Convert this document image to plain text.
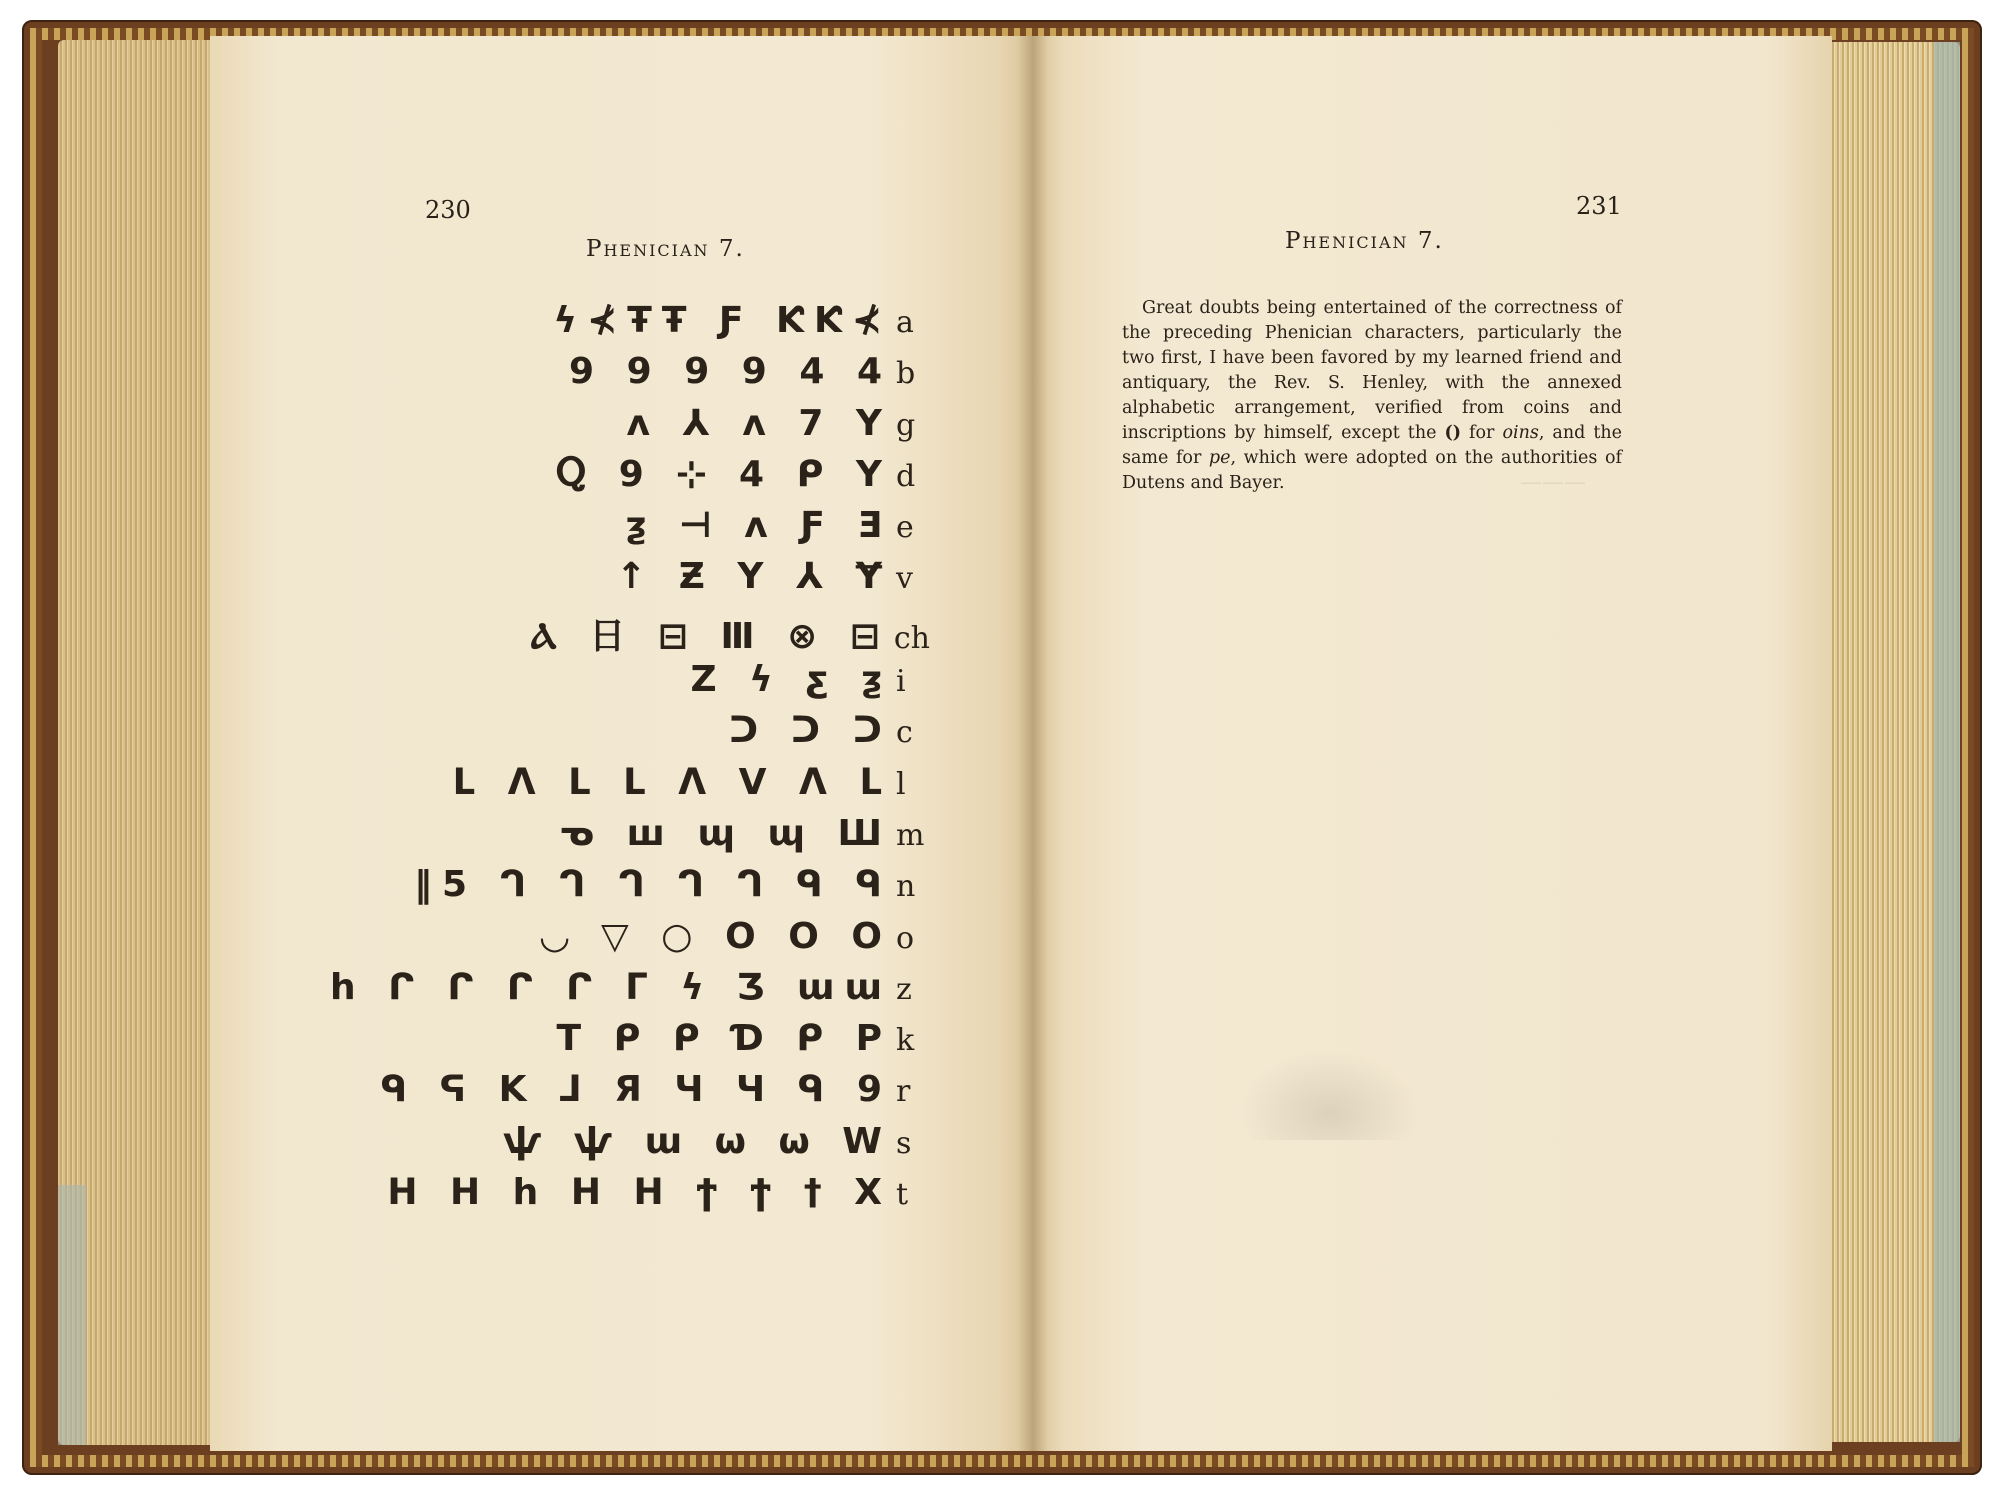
———
230
Phenician 7.
ϟ⊀ŦŦ Ƒ ƘƘ⊀ a
9 9 9 9 4 4 b
ᴧ ⅄ ᴧ 7 Y g
Ⴍ 9 ⊹ 4 ᑭ Y d
ƺ ⊣ ᴧ Ƒ Ǝ e
↑ Ƶ Y ⅄ Ɏ v
Ⲁ 日 ⊟ Ⅲ ⊗ ⊟ ch
Z ϟ ƹ ƺ i
ᑐ ᑐ ᑐ c
ᒪ ᐱ ᒪ ᒪ ᐱ V ᐱ ᒪ l
ᓀ ш ɰ ɰ Ш m
‖5 ᒉ ᒉ ᒉ ᒉ ᒉ ᑫ ᑫ n
◡ ▽ ○ O O O o
h ᒋ ᒋ ᒋ ᒋ ᒥ ϟ Ʒ ɯɯ z
T ᑭ ᑭ Ɗ ᑭ P k
ᑫ ᕋ K ᒧ Я Ч Ч ᑫ 9 r
ѱ ѱ ɯ ω ω W s
ᕼ ᕼ h ᕼ ᕼ ϯ ϯ † X t
231
Phenician 7.
Great doubts being entertained of the correctness of the preceding Phenician characters, particularly the two first, I have been favored by my learned friend and antiquary, the Rev. S. Henley, with the annexed alphabetic arrangement, verified from coins and inscriptions by himself, except the () for oins, and the same for pe, which were adopted on the authorities of Dutens and Bayer.
